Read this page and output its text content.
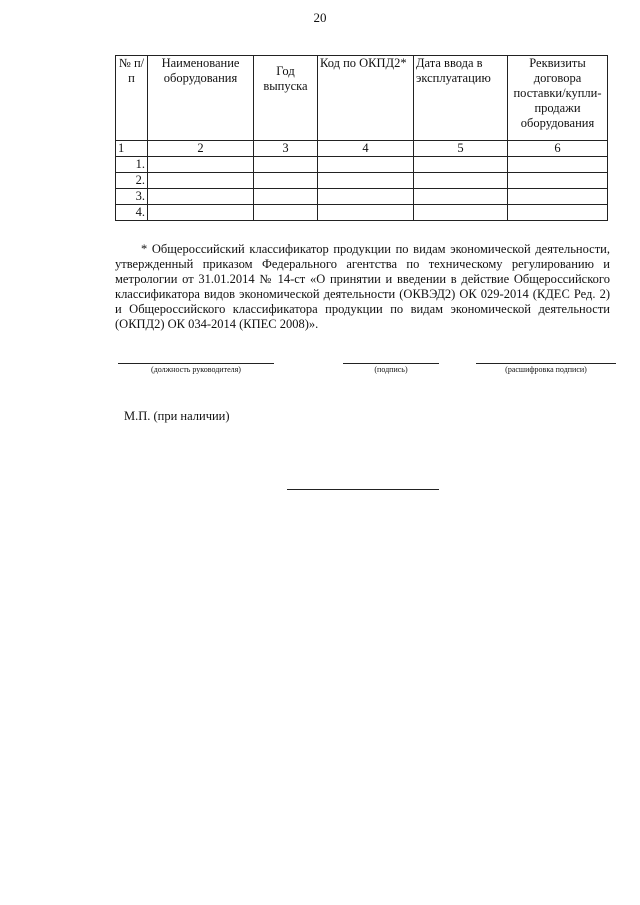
20
№ п/п	Наименование оборудования	Год выпуска	Код по ОКПД2*	Дата ввода в эксплуатацию	Реквизиты договора поставки/купли-продажи оборудования
1	2	3	4	5	6
1.					
2.					
3.					
4.					
* Общероссийский классификатор продукции по видам экономической деятельности, утвержденный приказом Федерального агентства по техническому регулированию и метрологии от 31.01.2014 № 14-ст «О принятии и введении в действие Общероссийского классификатора видов экономической деятельности (ОКВЭД2) ОК 029-2014 (КДЕС Ред. 2) и Общероссийского классификатора продукции по видам экономической деятельности (ОКПД2) ОК 034-2014 (КПЕС 2008)».
(должность руководителя)	(подпись)	(расшифровка подписи)
М.П. (при наличии)
